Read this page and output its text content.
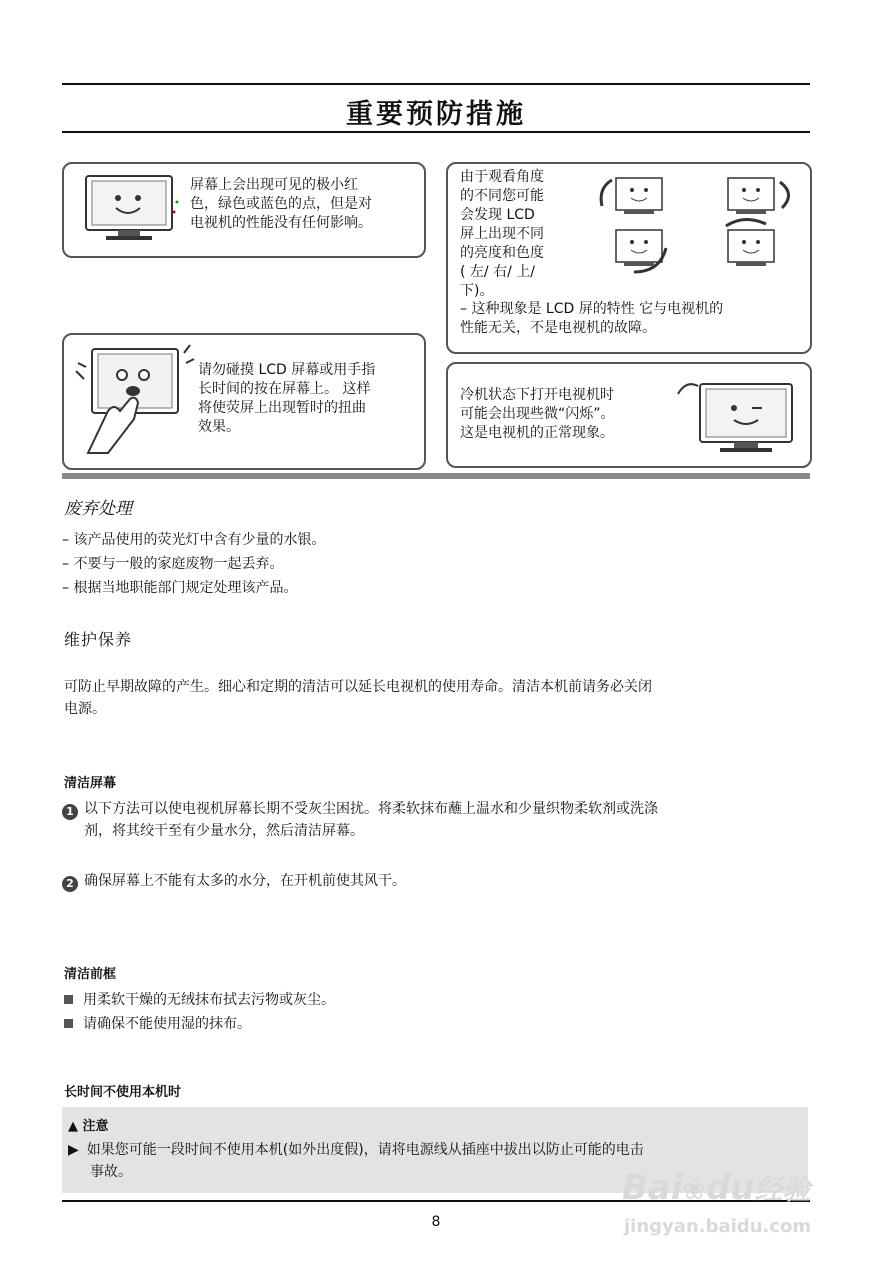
重要预防措施
屏幕上会出现可见的极小红
色，绿色或蓝色的点，但是对
电视机的性能没有任何影响。
由于观看角度
的不同您可能
会发现 LCD
屏上出现不同
的亮度和色度
( 左/ 右/ 上/
下)。
– 这种现象是 LCD 屏的特性 它与电视机的
性能无关，不是电视机的故障。
请勿碰摸 LCD 屏幕或用手指
长时间的按在屏幕上。 这样
将使荧屏上出现暂时的扭曲
效果。
冷机状态下打开电视机时
可能会出现些微“闪烁”。
这是电视机的正常现象。
废弃处理
– 该产品使用的荧光灯中含有少量的水银。
– 不要与一般的家庭废物一起丢弃。
– 根据当地职能部门规定处理该产品。
维护保养
可防止早期故障的产生。细心和定期的清洁可以延长电视机的使用寿命。清洁本机前请务必关闭
电源。
清洁屏幕
1 以下方法可以使电视机屏幕长期不受灰尘困扰。将柔软抹布蘸上温水和少量织物柔软剂或洗涤
剂，将其绞干至有少量水分，然后清洁屏幕。
2 确保屏幕上不能有太多的水分，在开机前使其风干。
清洁前框
用柔软干燥的无绒抹布拭去污物或灰尘。
请确保不能使用湿的抹布。
长时间不使用本机时
▲ 注意
▶ 如果您可能一段时间不使用本机(如外出度假)，请将电源线从插座中拔出以防止可能的电击
事故。
8
Bai❀du经验
jingyan.baidu.com
